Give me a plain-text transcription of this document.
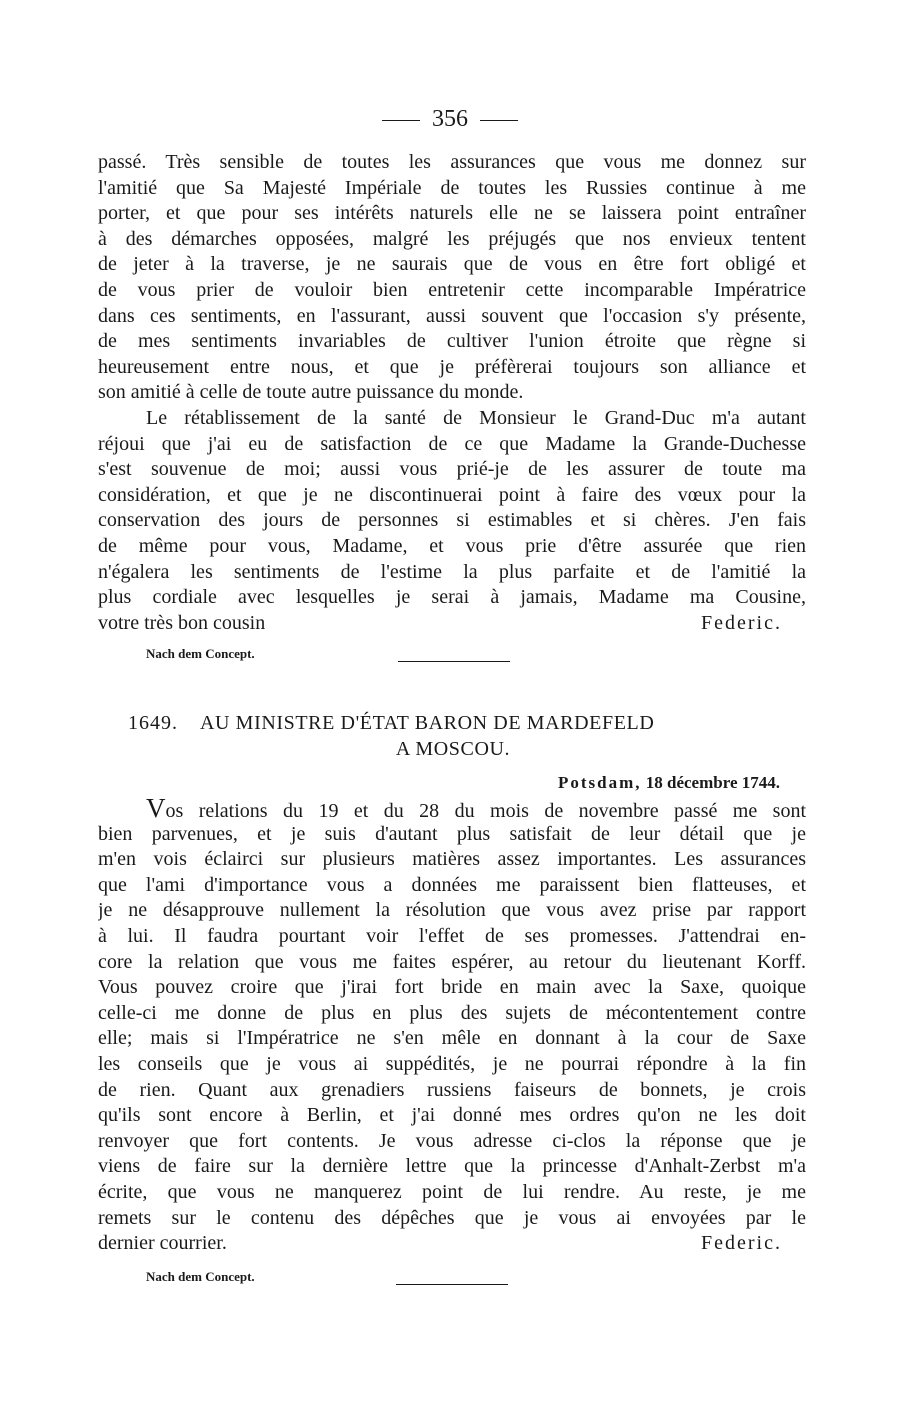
356
passé. Très sensible de toutes les assurances que vous me donnez sur
l'amitié que Sa Majesté Impériale de toutes les Russies continue à me
porter, et que pour ses intérêts naturels elle ne se laissera point entraîner
à des démarches opposées, malgré les préjugés que nos envieux tentent
de jeter à la traverse, je ne saurais que de vous en être fort obligé et
de vous prier de vouloir bien entretenir cette incomparable Impératrice
dans ces sentiments, en l'assurant, aussi souvent que l'occasion s'y présente,
de mes sentiments invariables de cultiver l'union étroite que règne si
heureusement entre nous, et que je préfèrerai toujours son alliance et
son amitié à celle de toute autre puissance du monde.
Le rétablissement de la santé de Monsieur le Grand-Duc m'a autant
réjoui que j'ai eu de satisfaction de ce que Madame la Grande-Duchesse
s'est souvenue de moi; aussi vous prié-je de les assurer de toute ma
considération, et que je ne discontinuerai point à faire des vœux pour la
conservation des jours de personnes si estimables et si chères. J'en fais
de même pour vous, Madame, et vous prie d'être assurée que rien
n'égalera les sentiments de l'estime la plus parfaite et de l'amitié la
plus cordiale avec lesquelles je serai à jamais, Madame ma Cousine,
votre très bon cousin	Federic.
Nach dem Concept.
1649. AU MINISTRE D'ÉTAT BARON DE MARDEFELD
A MOSCOU.
Potsdam, 18 décembre 1744.
Vos relations du 19 et du 28 du mois de novembre passé me sont
bien parvenues, et je suis d'autant plus satisfait de leur détail que je
m'en vois éclairci sur plusieurs matières assez importantes. Les assurances
que l'ami d'importance vous a données me paraissent bien flatteuses, et
je ne désapprouve nullement la résolution que vous avez prise par rapport
à lui. Il faudra pourtant voir l'effet de ses promesses. J'attendrai en-
core la relation que vous me faites espérer, au retour du lieutenant Korff.
Vous pouvez croire que j'irai fort bride en main avec la Saxe, quoique
celle-ci me donne de plus en plus des sujets de mécontentement contre
elle; mais si l'Impératrice ne s'en mêle en donnant à la cour de Saxe
les conseils que je vous ai suppédités, je ne pourrai répondre à la fin
de rien. Quant aux grenadiers russiens faiseurs de bonnets, je crois
qu'ils sont encore à Berlin, et j'ai donné mes ordres qu'on ne les doit
renvoyer que fort contents. Je vous adresse ci-clos la réponse que je
viens de faire sur la dernière lettre que la princesse d'Anhalt-Zerbst m'a
écrite, que vous ne manquerez point de lui rendre. Au reste, je me
remets sur le contenu des dépêches que je vous ai envoyées par le
dernier courrier.	Federic.
Nach dem Concept.
